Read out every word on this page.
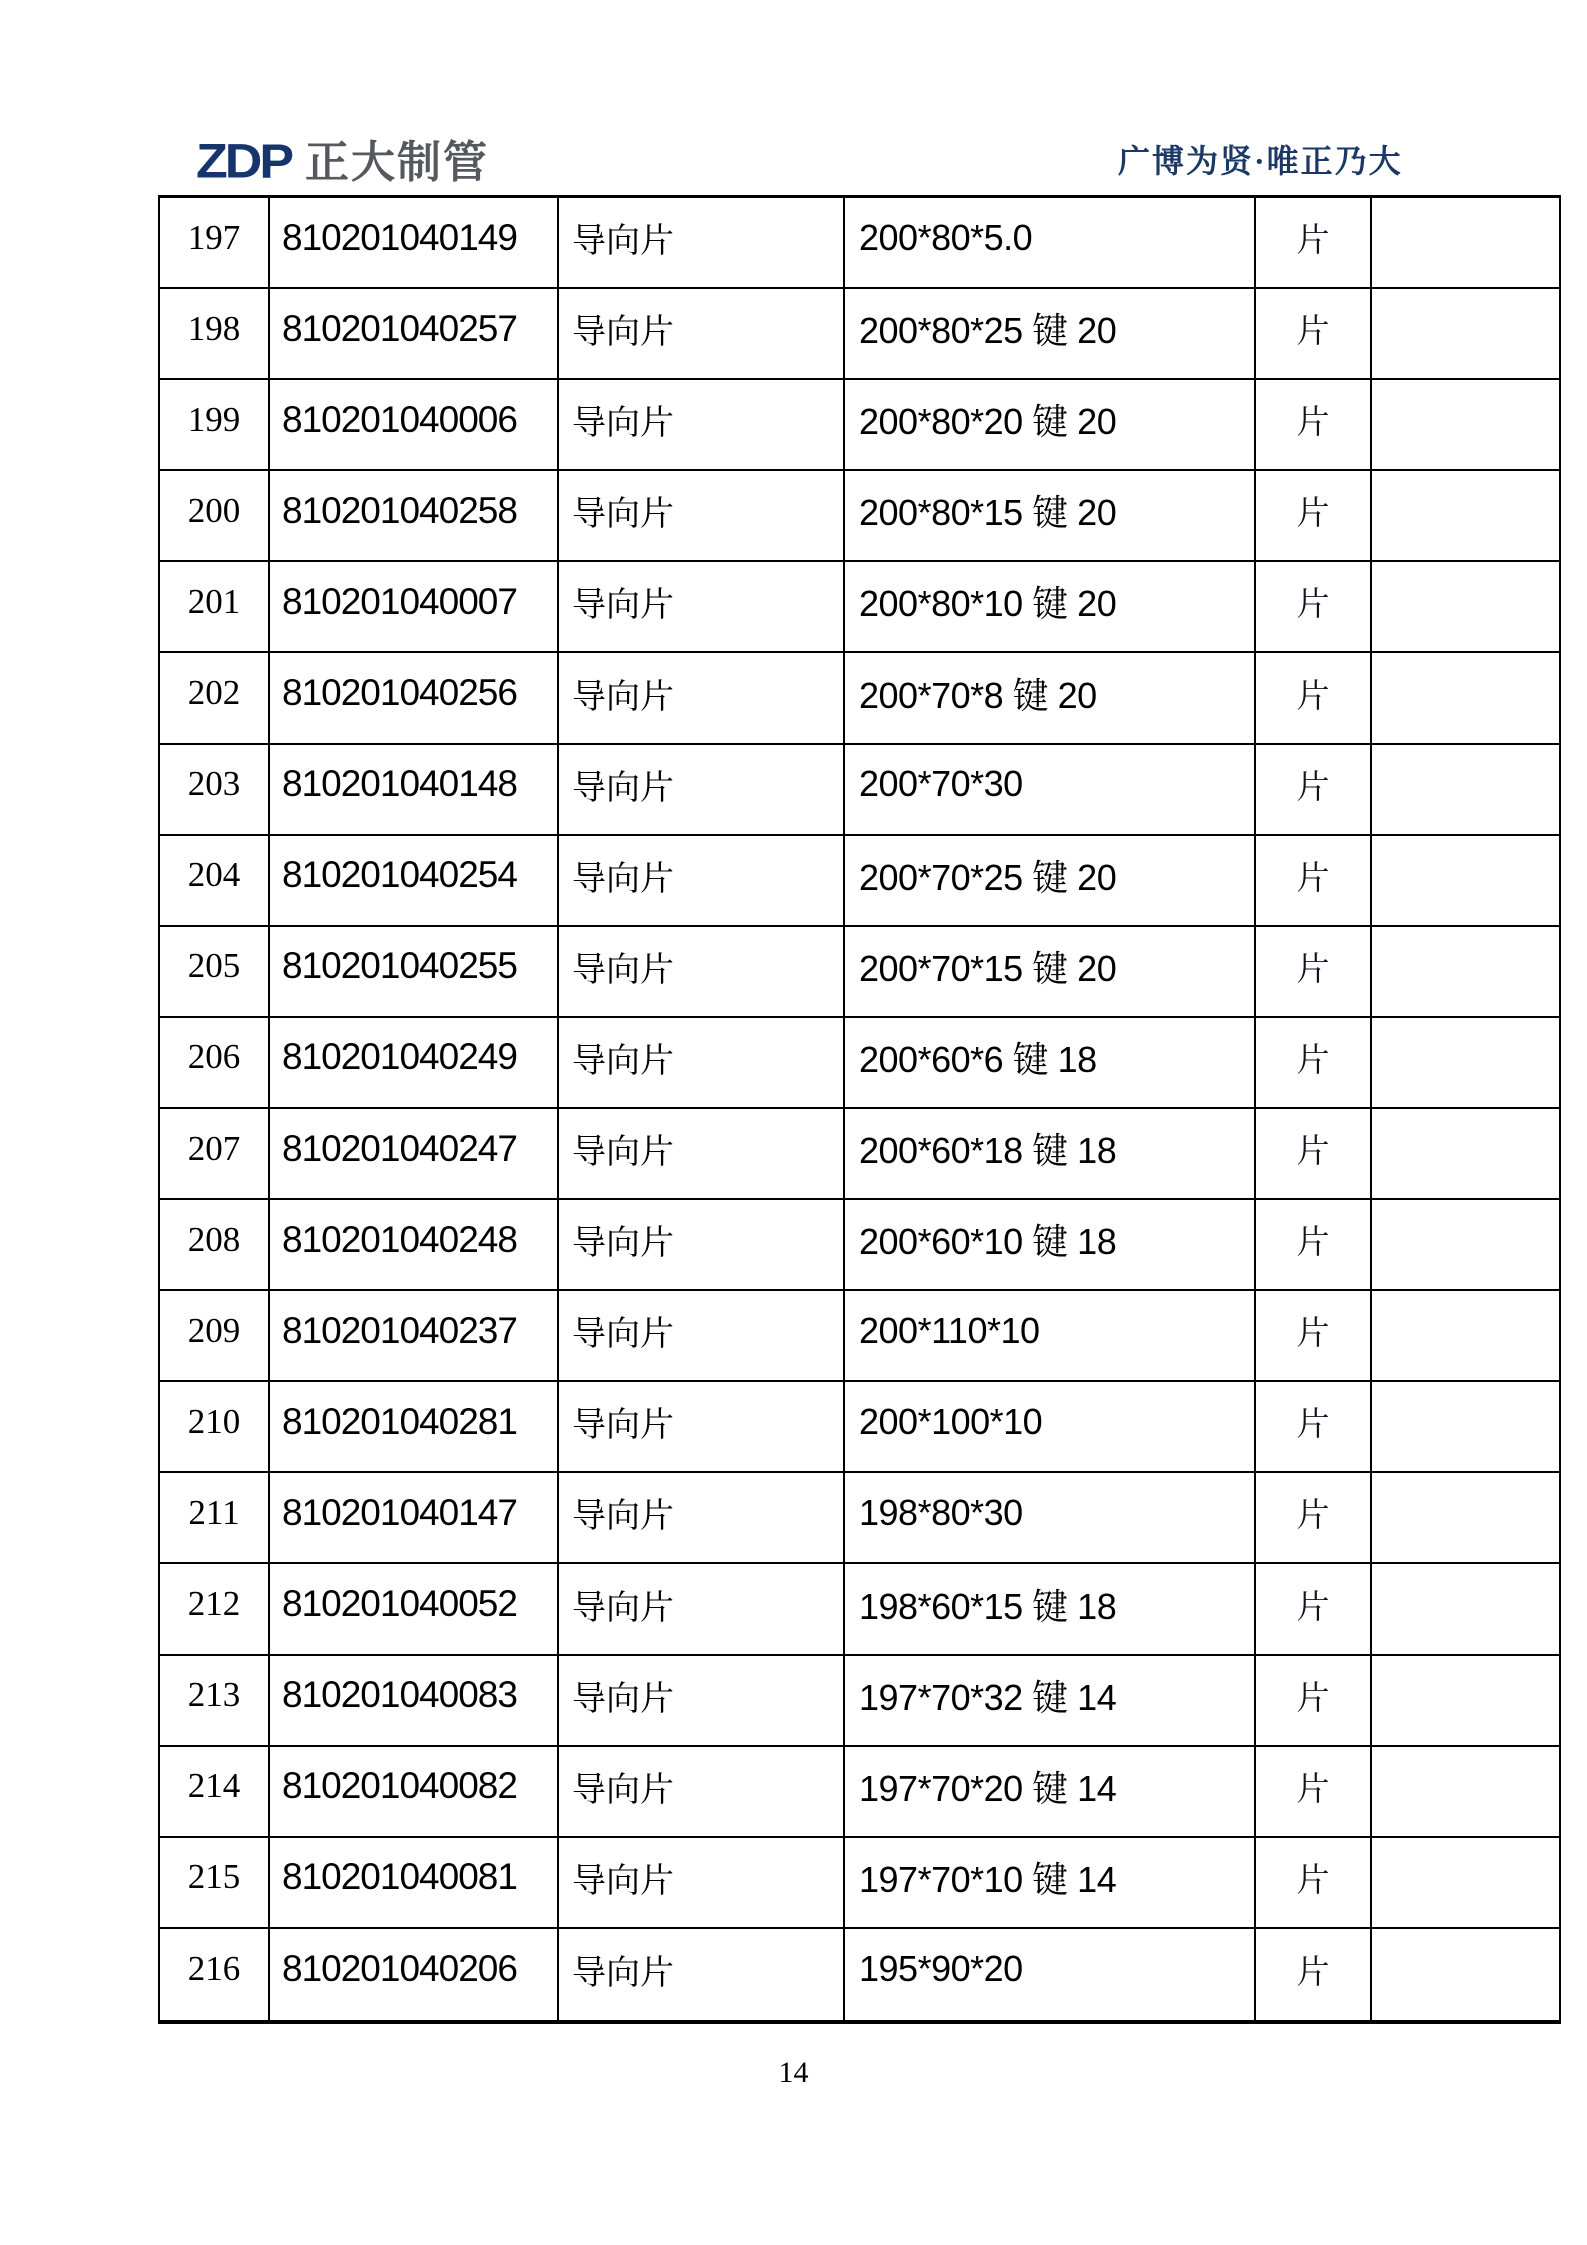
ZDP 正大制管	广博为贤·唯正乃大
197	810201040149	导向片	200*80*5.0	片
198	810201040257	导向片	200*80*25 键 20	片
199	810201040006	导向片	200*80*20 键 20	片
200	810201040258	导向片	200*80*15 键 20	片
201	810201040007	导向片	200*80*10 键 20	片
202	810201040256	导向片	200*70*8 键 20	片
203	810201040148	导向片	200*70*30	片
204	810201040254	导向片	200*70*25 键 20	片
205	810201040255	导向片	200*70*15 键 20	片
206	810201040249	导向片	200*60*6 键 18	片
207	810201040247	导向片	200*60*18 键 18	片
208	810201040248	导向片	200*60*10 键 18	片
209	810201040237	导向片	200*110*10	片
210	810201040281	导向片	200*100*10	片
211	810201040147	导向片	198*80*30	片
212	810201040052	导向片	198*60*15 键 18	片
213	810201040083	导向片	197*70*32 键 14	片
214	810201040082	导向片	197*70*20 键 14	片
215	810201040081	导向片	197*70*10 键 14	片
216	810201040206	导向片	195*90*20	片
14
